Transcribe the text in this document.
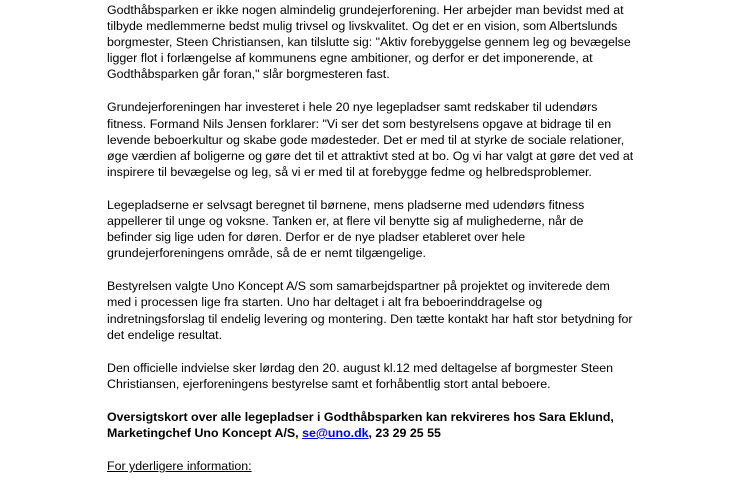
Godthåbsparken er ikke nogen almindelig grundejerforening. Her arbejder man bevidst med at
tilbyde medlemmerne bedst mulig trivsel og livskvalitet. Og det er en vision, som Albertslunds
borgmester, Steen Christiansen, kan tilslutte sig: "Aktiv forebyggelse gennem leg og bevægelse
ligger flot i forlængelse af kommunens egne ambitioner, og derfor er det imponerende, at
Godthåbsparken går foran," slår borgmesteren fast.

Grundejerforeningen har investeret i hele 20 nye legepladser samt redskaber til udendørs
fitness. Formand Nils Jensen forklarer: "Vi ser det som bestyrelsens opgave at bidrage til en
levende beboerkultur og skabe gode mødesteder. Det er med til at styrke de sociale relationer,
øge værdien af boligerne og gøre det til et attraktivt sted at bo. Og vi har valgt at gøre det ved at
inspirere til bevægelse og leg, så vi er med til at forebygge fedme og helbredsproblemer.

Legepladserne er selvsagt beregnet til børnene, mens pladserne med udendørs fitness
appellerer til unge og voksne. Tanken er, at flere vil benytte sig af mulighederne, når de
befinder sig lige uden for døren. Derfor er de nye pladser etableret over hele
grundejerforeningens område, så de er nemt tilgængelige.

Bestyrelsen valgte Uno Koncept A/S som samarbejdspartner på projektet og inviterede dem
med i processen lige fra starten. Uno har deltaget i alt fra beboerinddragelse og
indretningsforslag til endelig levering og montering. Den tætte kontakt har haft stor betydning for
det endelige resultat.

Den officielle indvielse sker lørdag den 20. august kl.12 med deltagelse af borgmester Steen
Christiansen, ejerforeningens bestyrelse samt et forhåbentlig stort antal beboere.

Oversigtskort over alle legepladser i Godthåbsparken kan rekvireres hos Sara Eklund,
Marketingchef Uno Koncept A/S, se@uno.dk, 23 29 25 55

For yderligere information:
